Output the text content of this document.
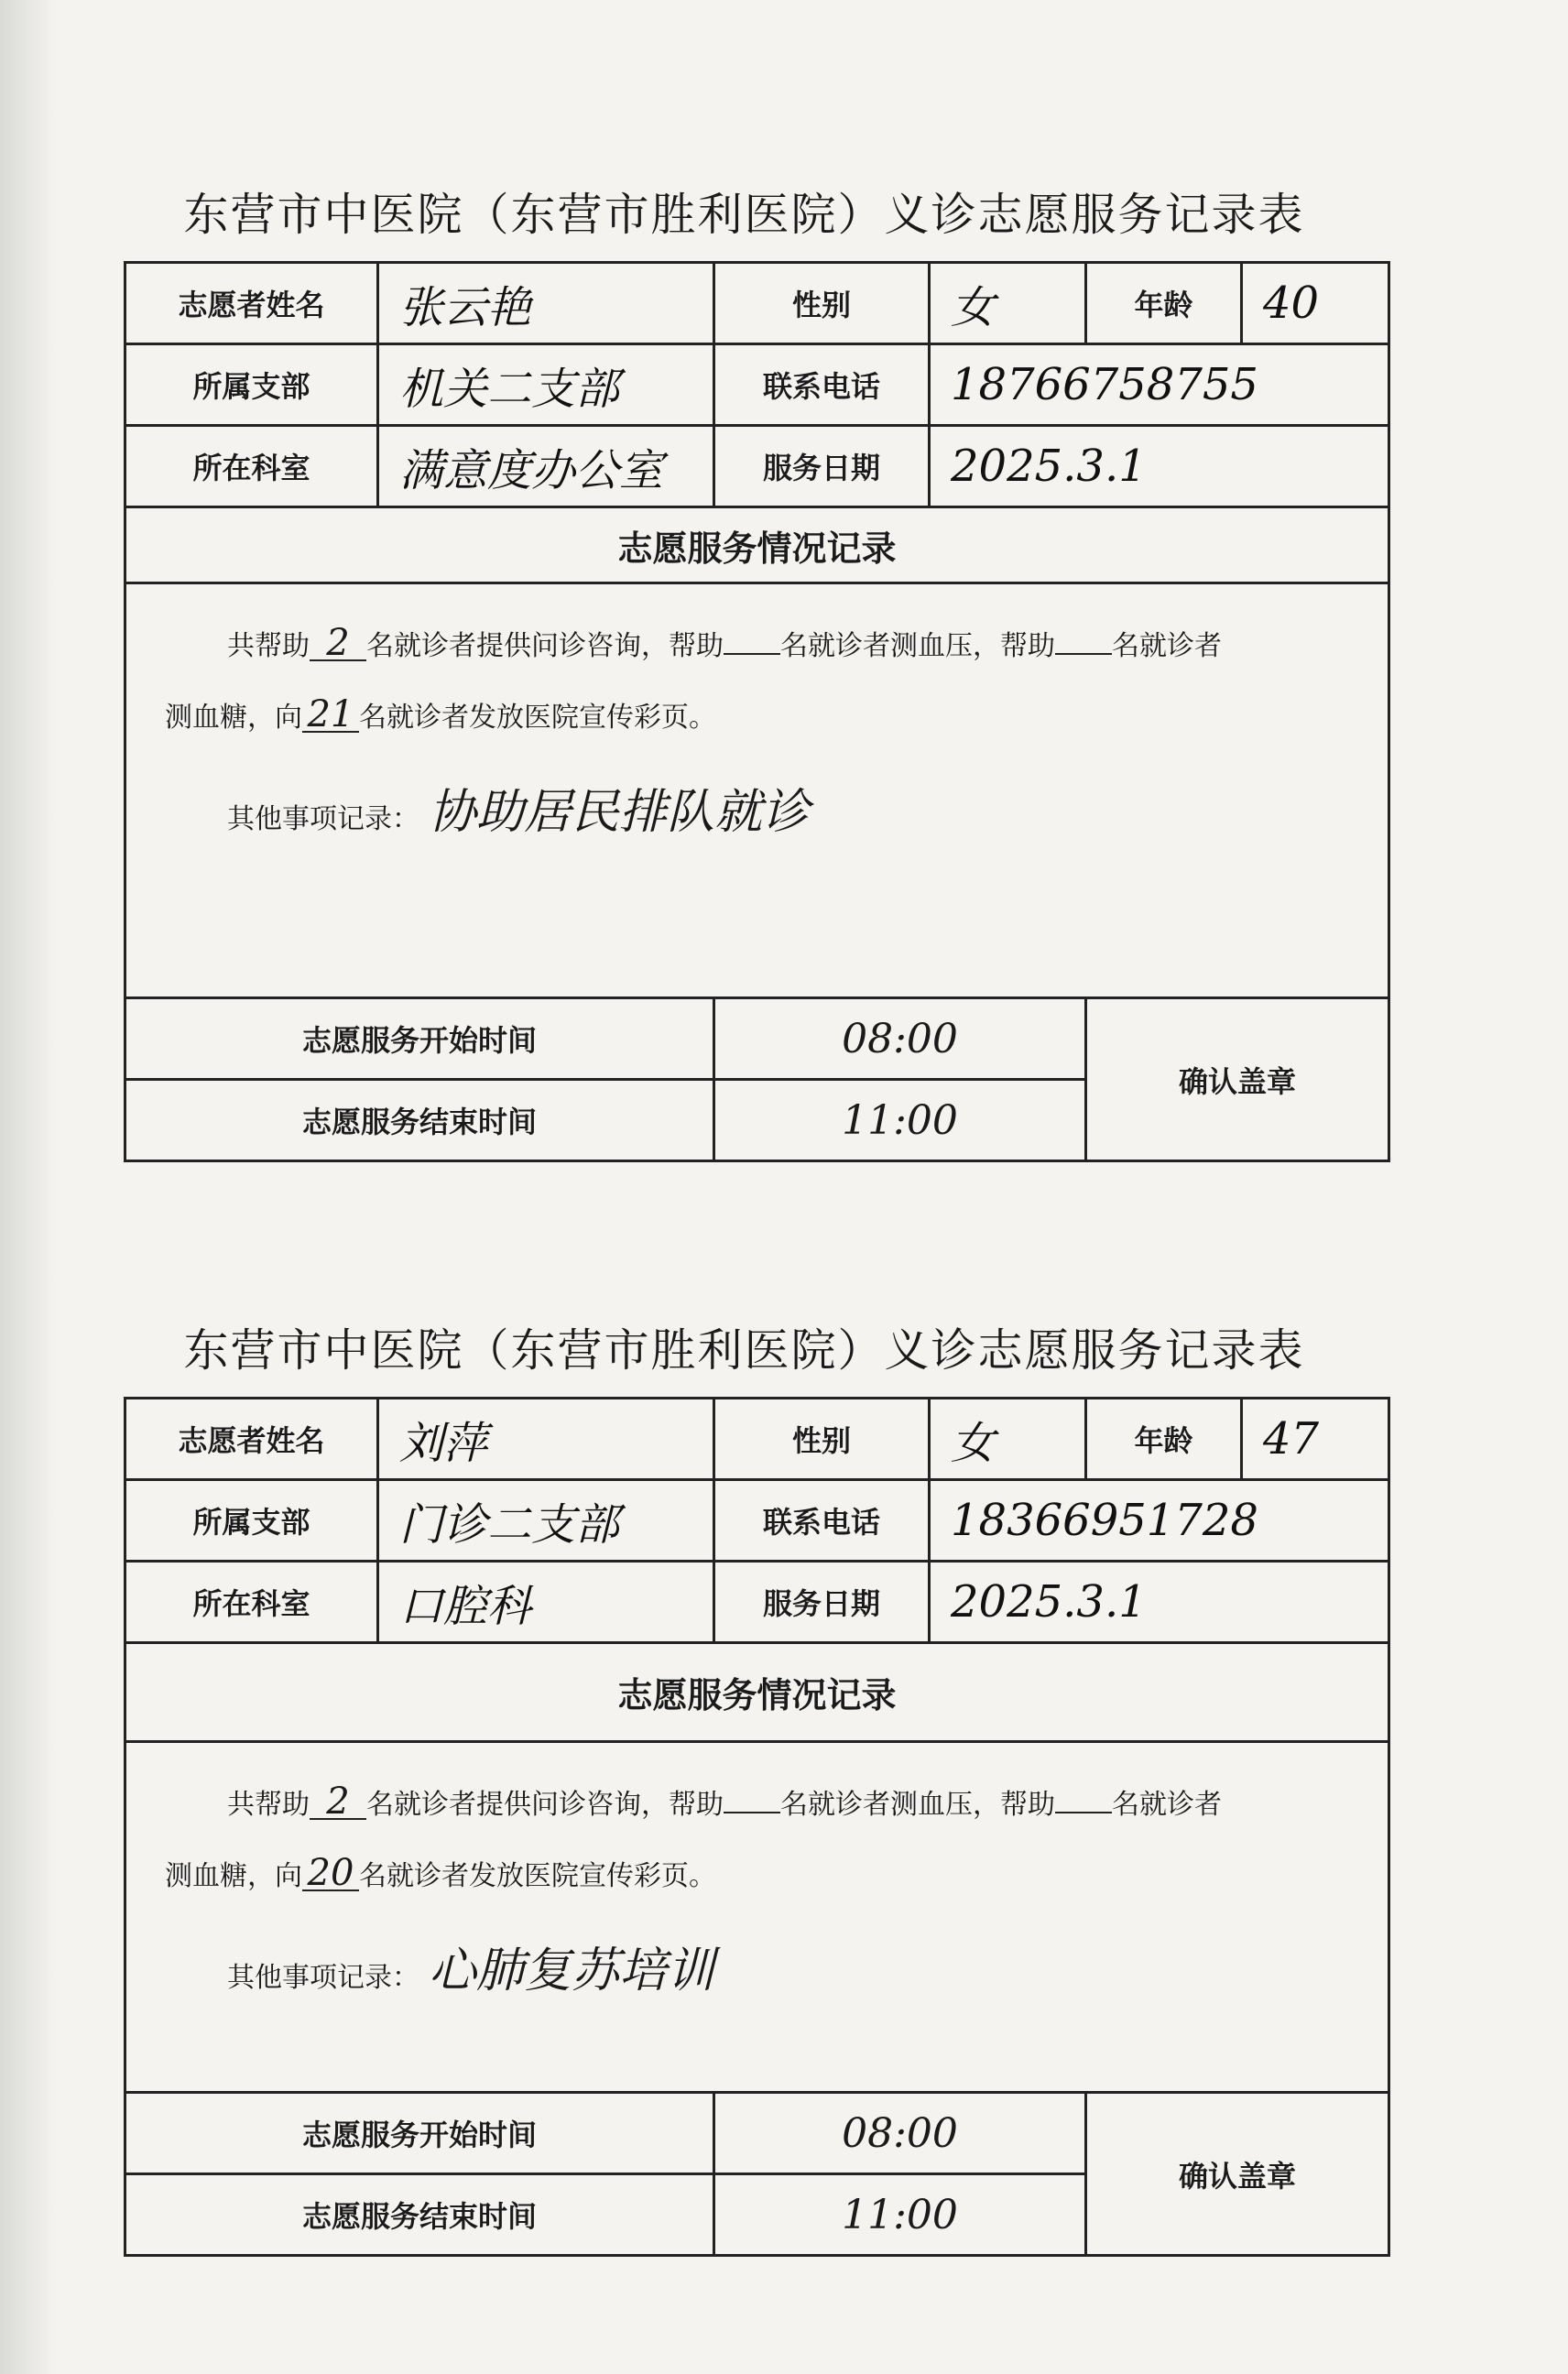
东营市中医院（东营市胜利医院）义诊志愿服务记录表
志愿者姓名	张云艳	性别	女	年龄	40
所属支部	机关二支部	联系电话	18766758755		
所在科室	满意度办公室	服务日期	2025.3.1		
志愿服务情况记录					

共帮助 2 名就诊者提供问诊咨询，帮助 名就诊者测血压，帮助 名就诊者
测血糖，向 21 名就诊者发放医院宣传彩页。
其他事项记录： 协助居民排队就诊					

志愿服务开始时间		08:00		确认盖章	
志愿服务结束时间		11:00			
东营市中医院（东营市胜利医院）义诊志愿服务记录表
志愿者姓名	刘萍	性别	女	年龄	47
所属支部	门诊二支部	联系电话	18366951728		
所在科室	口腔科	服务日期	2025.3.1		
志愿服务情况记录					

共帮助 2 名就诊者提供问诊咨询，帮助 名就诊者测血压，帮助 名就诊者
测血糖，向 20 名就诊者发放医院宣传彩页。
其他事项记录： 心肺复苏培训					

志愿服务开始时间		08:00		确认盖章	
志愿服务结束时间		11:00			
